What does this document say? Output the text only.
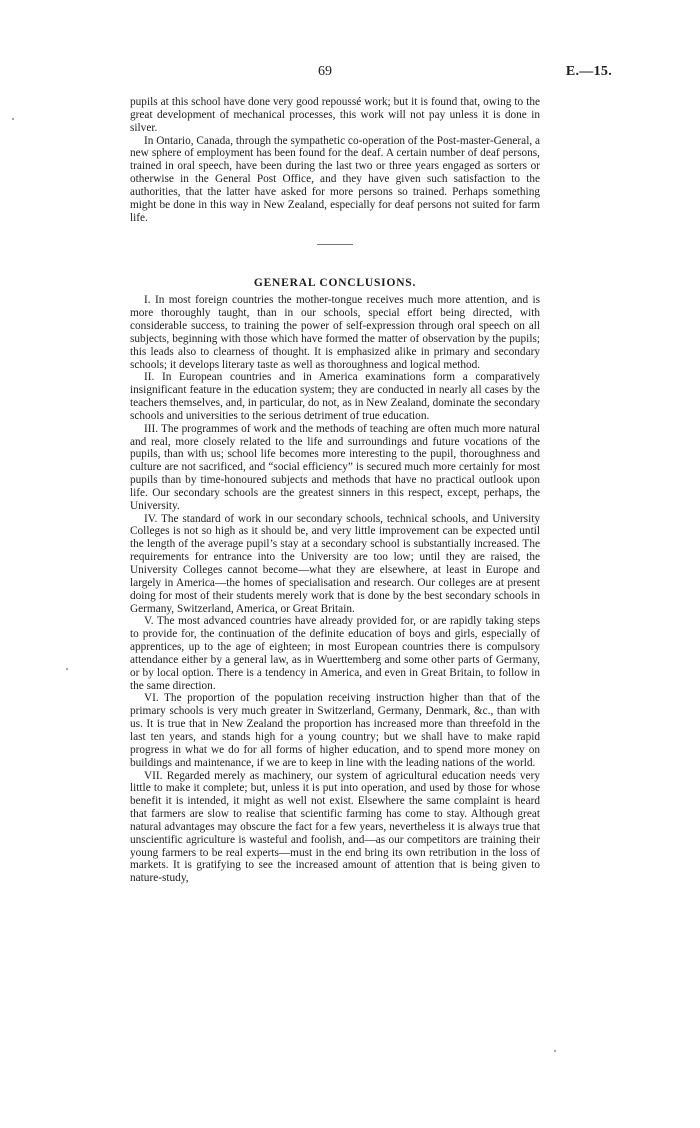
69	E.—15.

pupils at this school have done very good repoussé work; but it is found that, owing to the great development of mechanical processes, this work will not pay unless it is done in silver.

In Ontario, Canada, through the sympathetic co-operation of the Post-master-General, a new sphere of employment has been found for the deaf. A certain number of deaf persons, trained in oral speech, have been during the last two or three years engaged as sorters or otherwise in the General Post Office, and they have given such satisfaction to the authorities, that the latter have asked for more persons so trained. Perhaps something might be done in this way in New Zealand, especially for deaf persons not suited for farm life.

GENERAL CONCLUSIONS.

I. In most foreign countries the mother-tongue receives much more attention, and is more thoroughly taught, than in our schools, special effort being directed, with considerable success, to training the power of self-expression through oral speech on all subjects, beginning with those which have formed the matter of observation by the pupils; this leads also to clearness of thought. It is emphasized alike in primary and secondary schools; it develops literary taste as well as thoroughness and logical method.

II. In European countries and in America examinations form a comparatively insignificant feature in the education system; they are conducted in nearly all cases by the teachers themselves, and, in particular, do not, as in New Zealand, dominate the secondary schools and universities to the serious detriment of true education.

III. The programmes of work and the methods of teaching are often much more natural and real, more closely related to the life and surroundings and future vocations of the pupils, than with us; school life becomes more interesting to the pupil, thoroughness and culture are not sacrificed, and “social efficiency” is secured much more certainly for most pupils than by time-honoured subjects and methods that have no practical outlook upon life. Our secondary schools are the greatest sinners in this respect, except, perhaps, the University.

IV. The standard of work in our secondary schools, technical schools, and University Colleges is not so high as it should be, and very little improvement can be expected until the length of the average pupil’s stay at a secondary school is substantially increased. The requirements for entrance into the University are too low; until they are raised, the University Colleges cannot become—what they are elsewhere, at least in Europe and largely in America—the homes of specialisation and research. Our colleges are at present doing for most of their students merely work that is done by the best secondary schools in Germany, Switzerland, America, or Great Britain.

V. The most advanced countries have already provided for, or are rapidly taking steps to provide for, the continuation of the definite education of boys and girls, especially of apprentices, up to the age of eighteen; in most European countries there is compulsory attendance either by a general law, as in Wuerttemberg and some other parts of Germany, or by local option. There is a tendency in America, and even in Great Britain, to follow in the same direction.

VI. The proportion of the population receiving instruction higher than that of the primary schools is very much greater in Switzerland, Germany, Denmark, &c., than with us. It is true that in New Zealand the proportion has increased more than threefold in the last ten years, and stands high for a young country; but we shall have to make rapid progress in what we do for all forms of higher education, and to spend more money on buildings and maintenance, if we are to keep in line with the leading nations of the world.

VII. Regarded merely as machinery, our system of agricultural education needs very little to make it complete; but, unless it is put into operation, and used by those for whose benefit it is intended, it might as well not exist. Elsewhere the same complaint is heard that farmers are slow to realise that scientific farming has come to stay. Although great natural advantages may obscure the fact for a few years, nevertheless it is always true that unscientific agriculture is wasteful and foolish, and—as our competitors are training their young farmers to be real experts—must in the end bring its own retribution in the loss of markets. It is gratifying to see the increased amount of attention that is being given to nature-study,
